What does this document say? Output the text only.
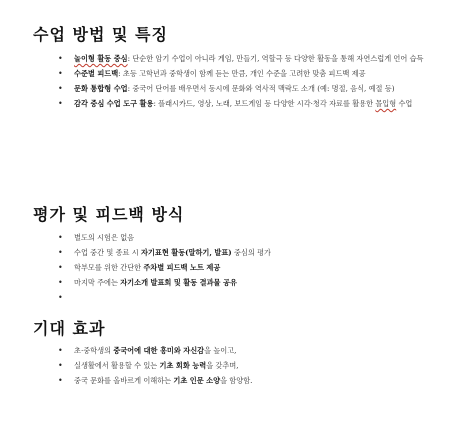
수업 방법 및 특징
• 놀이형 활동 중심: 단순한 암기 수업이 아니라 게임, 만들기, 역할극 등 다양한 활동을 통해 자연스럽게 언어 습득
• 수준별 피드백: 초등 고학년과 중학생이 함께 듣는 만큼, 개인 수준을 고려한 맞춤 피드백 제공
• 문화 통합형 수업: 중국어 단어를 배우면서 동시에 문화와 역사적 맥락도 소개 (예: 명절, 음식, 예절 등)
• 감각 중심 수업 도구 활용: 플래시카드, 영상, 노래, 보드게임 등 다양한 시각·청각 자료를 활용한 몰입형 수업
평가 및 피드백 방식
• 별도의 시험은 없음
• 수업 중간 및 종료 시 자기표현 활동(말하기, 발표) 중심의 평가
• 학부모를 위한 간단한 주차별 피드백 노트 제공
• 마지막 주에는 자기소개 발표회 및 활동 결과물 공유
•
기대 효과
• 초·중학생의 중국어에 대한 흥미와 자신감을 높이고,
• 실생활에서 활용할 수 있는 기초 회화 능력을 갖추며,
• 중국 문화를 올바르게 이해하는 기초 인문 소양을 함양함.
